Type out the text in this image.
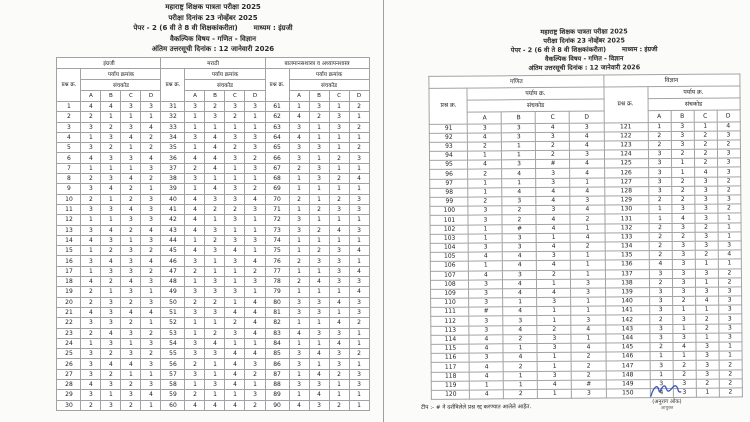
महाराष्ट्र शिक्षक पात्रता परीक्षा 2025
परीक्षा दिनांक 23 नोव्हेंबर 2025
पेपर - 2 (6 वी ते 8 वी शिक्षकांकरीता) माध्यम : इंग्रजी
वैकल्पिक विषय - गणित - विज्ञान
अंतिम उत्तरसूची दिनांक : 12 जानेवारी 2026
इंग्रजी					मराठी					बालमानसशास्त्र व अध्यापनशास्त्र				
प्रश्न क्र.	पर्याय क्रमांक				प्रश्न क्र.	पर्याय क्रमांक				प्रश्न क्र.	पर्याय क्रमांक			
	संचकोड					संचकोड					संचकोड			
	A	B	C	D		A	B	C	D		A	B	C	D
1	4	4	3	3	31	3	2	3	3	61	1	3	1	2
2	2	1	1	1	32	1	3	2	1	62	4	2	3	1
3	3	2	3	4	33	1	1	1	1	63	3	1	3	2
4	1	3	4	2	34	3	4	3	3	64	4	1	1	1
5	3	2	1	2	35	1	4	2	3	65	3	3	1	2
6	4	3	3	4	36	4	4	3	2	66	3	1	2	3
7	1	1	1	3	37	2	4	1	3	67	2	3	1	1
8	2	3	4	2	38	3	1	1	1	68	1	3	2	4
9	3	4	2	1	39	1	4	3	2	69	1	1	1	1
10	2	1	2	3	40	4	3	3	4	70	2	1	2	3
11	3	3	4	3	41	4	2	2	3	71	1	2	3	3
12	1	1	3	3	42	4	1	3	1	72	3	1	1	1
13	3	4	2	4	43	4	3	1	1	73	3	2	4	3
14	4	3	1	3	44	1	2	3	3	74	1	1	1	1
15	1	2	3	2	45	4	3	4	1	75	1	2	3	4
16	3	4	3	4	46	3	1	3	4	76	2	3	3	1
17	1	3	3	2	47	2	1	1	2	77	1	1	3	4
18	4	2	4	3	48	1	3	1	3	78	2	4	3	3
19	2	1	3	1	49	3	3	3	1	79	1	1	1	4
20	2	3	2	3	50	2	2	1	4	80	3	3	4	3
21	4	3	4	4	51	3	3	4	4	81	3	3	1	3
22	3	3	2	1	52	1	1	2	4	82	1	1	4	2
23	2	4	3	2	53	1	2	3	4	83	4	3	3	1
24	1	3	1	3	54	3	4	1	1	84	1	1	4	1
25	3	2	3	2	55	3	3	4	4	85	3	4	3	2
26	3	4	4	3	56	2	1	4	3	86	3	1	3	1
27	3	2	1	1	57	3	1	4	2	87	1	4	2	3
28	4	3	2	3	58	1	3	4	1	88	3	3	1	3
29	3	1	3	4	59	2	1	1	3	89	1	4	1	1
30	2	3	2	1	60	4	4	4	2	90	4	3	2	1
महाराष्ट्र शिक्षक पात्रता परीक्षा 2025
परीक्षा दिनांक 23 नोव्हेंबर 2025
पेपर - 2 (6 वी ते 8 वी शिक्षकांकरीता) माध्यम : इंग्रजी
वैकल्पिक विषय - गणित - विज्ञान
अंतिम उत्तरसूची दिनांक : 12 जानेवारी 2026
गणित					विज्ञान				
प्रश्न क्र.	पर्याय क्र.				प्रश्न क्र.	पर्याय क्र.			
	संचकोड					संचकोड			
	A	B	C	D		A	B	C	D
91	3	3	4	3	121	1	3	1	4
92	4	3	3	4	122	2	3	2	3
93	2	1	2	4	123	2	3	2	2
94	1	1	2	3	124	3	2	2	3
95	4	3	#	4	125	3	1	2	3
96	2	4	3	4	126	3	1	4	3
97	1	1	3	1	127	3	2	3	2
98	1	4	4	4	128	3	2	3	2
99	2	3	4	3	129	2	2	3	3
100	3	2	3	4	130	1	3	3	2
101	3	2	4	2	131	1	4	3	1
102	1	#	4	1	132	2	3	2	1
103	1	3	1	4	133	2	2	3	1
104	3	3	4	2	134	2	3	3	3
105	4	4	3	1	135	2	3	2	4
106	1	4	4	1	136	4	3	1	1
107	4	3	2	1	137	3	3	3	2
108	3	4	1	3	138	2	3	1	2
109	3	4	4	3	139	3	3	3	3
110	3	1	3	1	140	3	2	4	3
111	#	4	1	1	141	3	1	1	3
112	3	3	1	3	142	2	3	2	3
113	3	4	2	4	143	3	1	2	3
114	4	2	3	1	144	3	3	1	3
115	4	1	3	4	145	2	4	3	1
116	3	4	1	2	146	1	1	3	1
117	4	2	1	2	147	3	2	3	2
118	4	1	3	2	148	1	2	3	2
119	1	1	4	#	149	3	3	2	2
120	4	2	1	3	150	4	3	1	2
टीप :- # ने दर्शविलेले प्रश्न रद्द करण्यात आलेले आहेत.
(अनुराग ओक)
आयुक्त
